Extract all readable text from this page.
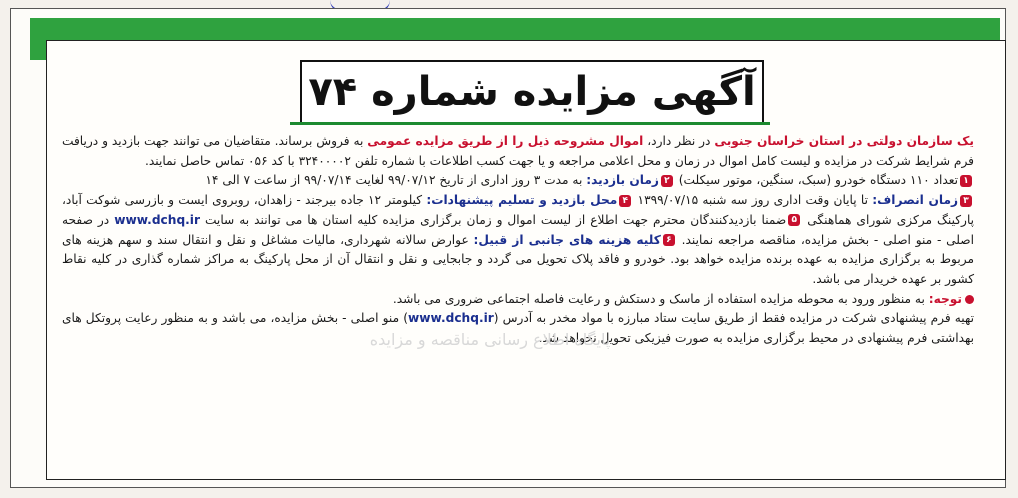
آگهی مزایده شماره ۷۴

یک سازمان دولتی در استان خراسان جنوبی در نظر دارد، اموال مشروحه ذیل را از طریق مزایده عمومی به فروش برساند. متقاضیان می توانند جهت بازدید و دریافت فرم شرایط شرکت در مزایده و لیست کامل اموال در زمان و محل اعلامی مراجعه و یا جهت کسب اطلاعات با شماره تلفن ۳۲۴۰۰۰۰۲ با کد ۰۵۶ تماس حاصل نمایند.

۱تعداد ۱۱۰ دستگاه خودرو (سبک، سنگین، موتور سیکلت) ۲زمان بازدید: به مدت ۳ روز اداری از تاریخ ۹۹/۰۷/۱۲ لغایت ۹۹/۰۷/۱۴ از ساعت ۷ الی ۱۴

۳زمان انصراف: تا پایان وقت اداری روز سه شنبه ۱۳۹۹/۰۷/۱۵ ۴محل بازدید و تسلیم پیشنهادات: کیلومتر ۱۲ جاده بیرجند - زاهدان، روبروی ایست و بازرسی شوکت آباد، پارکینگ مرکزی شورای هماهنگی ۵ضمنا بازدیدکنندگان محترم جهت اطلاع از لیست اموال و زمان برگزاری مزایده کلیه استان ها می توانند به سایت www.dchq.ir در صفحه اصلی - منو اصلی - بخش مزایده، مناقصه مراجعه نمایند. ۶کلیه هزینه های جانبی از قبیل: عوارض سالانه شهرداری، مالیات مشاغل و نقل و انتقال سند و سهم هزینه های مربوط به برگزاری مزایده به عهده برنده مزایده خواهد بود. خودرو و فاقد پلاک تحویل می گردد و جابجایی و نقل و انتقال آن از محل پارکینگ به مراکز شماره گذاری در کلیه نقاط کشور بر عهده خریدار می باشد.

توجه: به منظور ورود به محوطه مزایده استفاده از ماسک و دستکش و رعایت فاصله اجتماعی ضروری می باشد.

تهیه فرم پیشنهادی شرکت در مزایده فقط از طریق سایت ستاد مبارزه با مواد مخدر به آدرس (www.dchq.ir) منو اصلی - بخش مزایده، می باشد و به منظور رعایت پروتکل های بهداشتی فرم پیشنهادی در محیط برگزاری مزایده به صورت فیزیکی تحویل نخواهد شد.

پایگاه اطلاع رسانی مناقصه و مزایده
